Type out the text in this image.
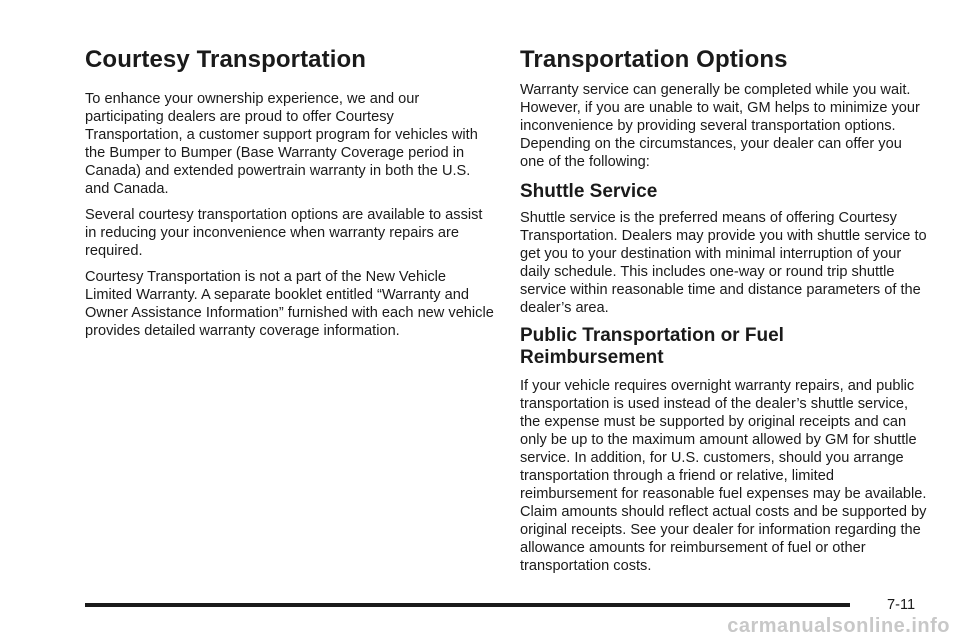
Courtesy Transportation

To enhance your ownership experience, we and our participating dealers are proud to offer Courtesy Transportation, a customer support program for vehicles with the Bumper to Bumper (Base Warranty Coverage period in Canada) and extended powertrain warranty in both the U.S. and Canada.

Several courtesy transportation options are available to assist in reducing your inconvenience when warranty repairs are required.

Courtesy Transportation is not a part of the New Vehicle Limited Warranty. A separate booklet entitled “Warranty and Owner Assistance Information” furnished with each new vehicle provides detailed warranty coverage information.

Transportation Options

Warranty service can generally be completed while you wait. However, if you are unable to wait, GM helps to minimize your inconvenience by providing several transportation options. Depending on the circumstances, your dealer can offer you one of the following:

Shuttle Service

Shuttle service is the preferred means of offering Courtesy Transportation. Dealers may provide you with shuttle service to get you to your destination with minimal interruption of your daily schedule. This includes one-way or round trip shuttle service within reasonable time and distance parameters of the dealer’s area.

Public Transportation or Fuel Reimbursement

If your vehicle requires overnight warranty repairs, and public transportation is used instead of the dealer’s shuttle service, the expense must be supported by original receipts and can only be up to the maximum amount allowed by GM for shuttle service. In addition, for U.S. customers, should you arrange transportation through a friend or relative, limited reimbursement for reasonable fuel expenses may be available. Claim amounts should reflect actual costs and be supported by original receipts. See your dealer for information regarding the allowance amounts for reimbursement of fuel or other transportation costs.

7-11
carmanualsonline.info
